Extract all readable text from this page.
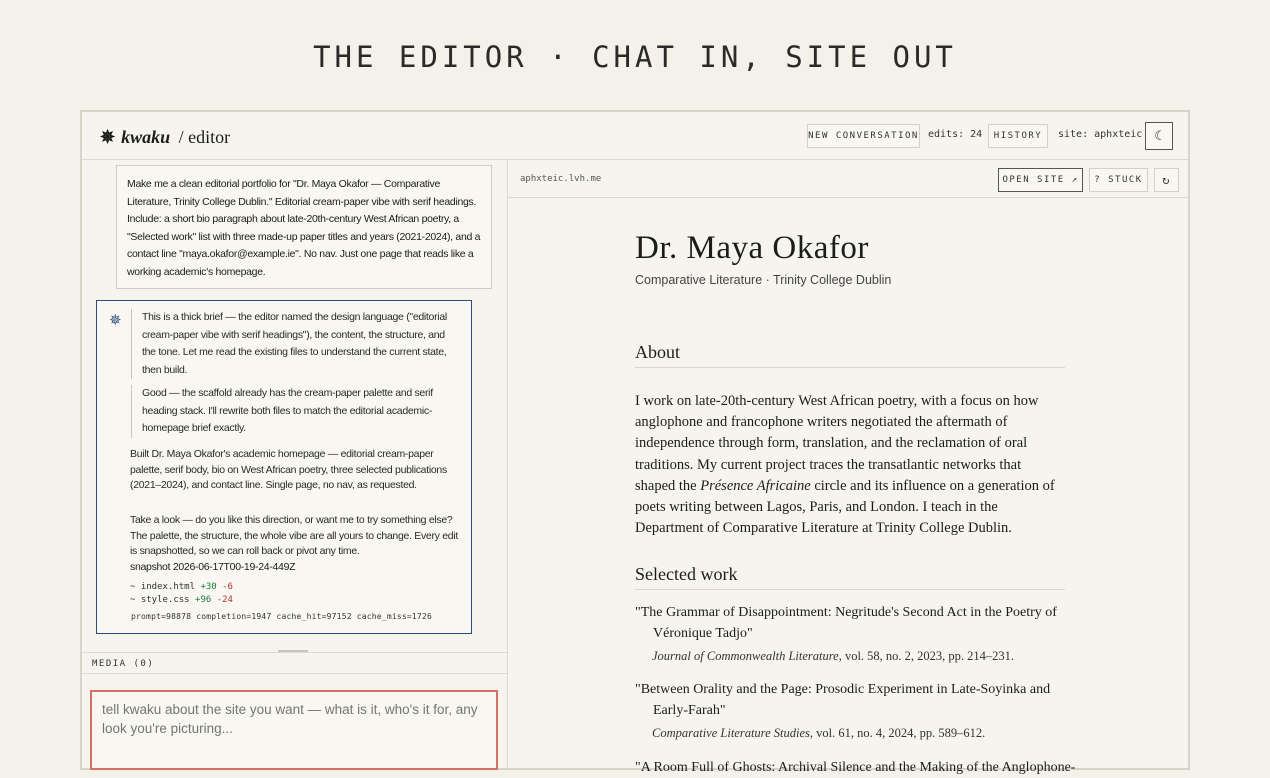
THE EDITOR · CHAT IN, SITE OUT
✵ kwaku / editor	NEW CONVERSATION edits: 24	HISTORY	site: aphxteic ☾
Make me a clean editorial portfolio for "Dr. Maya Okafor — Comparative Literature, Trinity College Dublin." Editorial cream-paper vibe with serif headings. Include: a short bio paragraph about late-20th-century West African poetry, a "Selected work" list with three made-up paper titles and years (2021-2024), and a contact line "maya.okafor@example.ie". No nav. Just one page that reads like a working academic's homepage.
✵	This is a thick brief — the editor named the design language ("editorial cream-paper vibe with serif headings"), the content, the structure, and the tone. Let me read the existing files to understand the current state, then build.
Good — the scaffold already has the cream-paper palette and serif heading stack. I'll rewrite both files to match the editorial academic-homepage brief exactly.
Built Dr. Maya Okafor's academic homepage — editorial cream-paper palette, serif body, bio on West African poetry, three selected publications (2021–2024), and contact line. Single page, no nav, as requested.
Take a look — do you like this direction, or want me to try something else? The palette, the structure, the whole vibe are all yours to change. Every edit is snapshotted, so we can roll back or pivot any time.
snapshot 2026-06-17T00-19-24-449Z
~ index.html +30 -6
~ style.css +96 -24
prompt=98878 completion=1947 cache_hit=97152 cache_miss=1726
MEDIA (0)
tell kwaku about the site you want — what is it, who's it for, any look you're picturing...
aphxteic.lvh.me	OPEN SITE ↗	? STUCK	↻
Dr. Maya Okafor
Comparative Literature · Trinity College Dublin
About
I work on late-20th-century West African poetry, with a focus on how anglophone and francophone writers negotiated the aftermath of independence through form, translation, and the reclamation of oral traditions. My current project traces the transatlantic networks that shaped the Présence Africaine circle and its influence on a generation of poets writing between Lagos, Paris, and London. I teach in the Department of Comparative Literature at Trinity College Dublin.
Selected work
"The Grammar of Disappointment: Negritude's Second Act in the Poetry of Véronique Tadjo"
Journal of Commonwealth Literature, vol. 58, no. 2, 2023, pp. 214–231.
"Between Orality and the Page: Prosodic Experiment in Late-Soyinka and Early-Farah"
Comparative Literature Studies, vol. 61, no. 4, 2024, pp. 589–612.
"A Room Full of Ghosts: Archival Silence and the Making of the Anglophone-
